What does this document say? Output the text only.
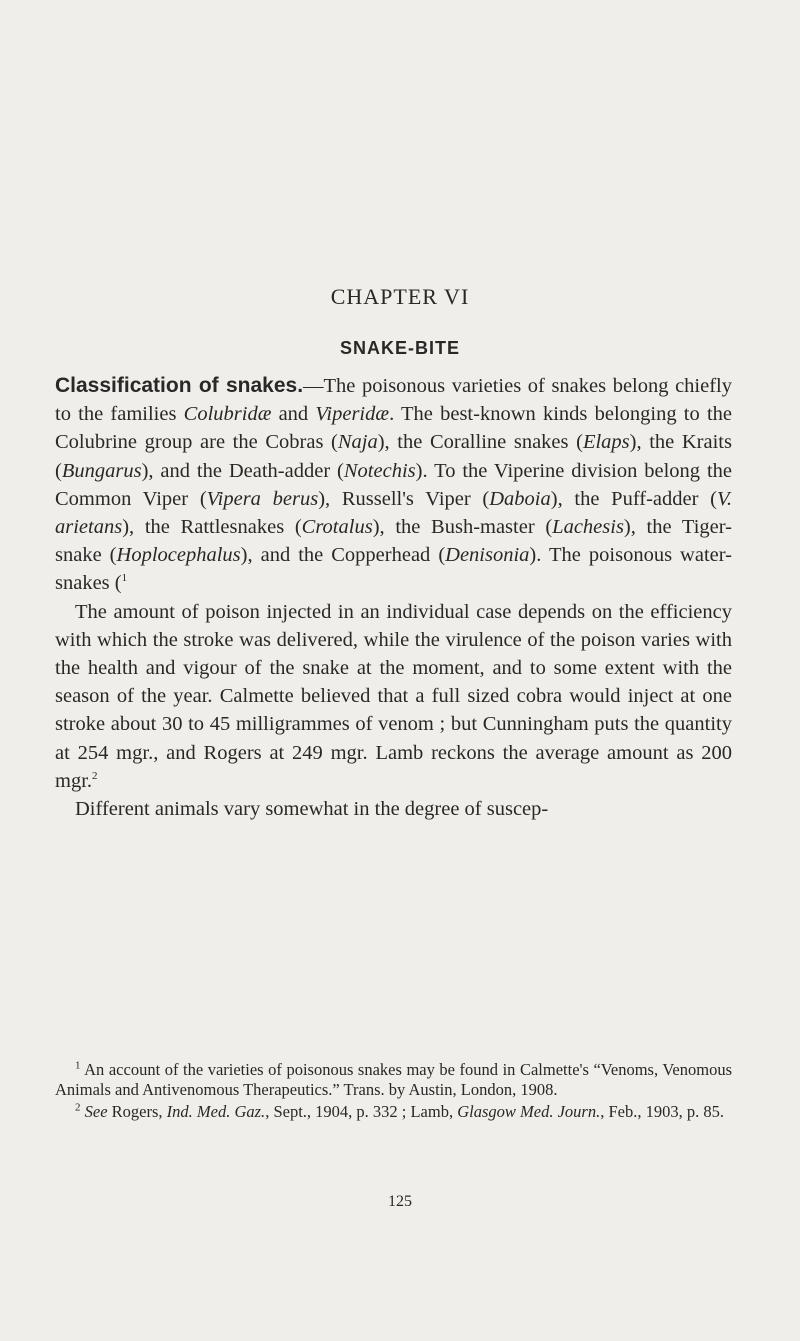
CHAPTER VI
SNAKE-BITE

Classification of snakes.—The poisonous varieties of snakes belong chiefly to the families Colubridæ and Viperidæ. The best-known kinds belonging to the Colubrine group are the Cobras (Naja), the Coralline snakes (Elaps), the Kraits (Bungarus), and the Death-adder (Notechis). To the Viperine division belong the Common Viper (Vipera berus), Russell's Viper (Daboia), the Puff-adder (V. arietans), the Rattlesnakes (Crotalus), the Bush-master (Lachesis), the Tiger-snake (Hoplocephalus), and the Copperhead (Denisonia). The poisonous water-snakes ($^1$

The amount of poison injected in an individual case depends on the efficiency with which the stroke was delivered, while the virulence of the poison varies with the health and vigour of the snake at the moment, and to some extent with the season of the year. Calmette believed that a full sized cobra would inject at one stroke about 30 to 45 milligrammes of venom ; but Cunningham puts the quantity at 254 mgr., and Rogers at 249 mgr. Lamb reckons the average amount as 200 mgr.$^2$

Different animals vary somewhat in the degree of suscep-

$^1$ An account of the varieties of poisonous snakes may be found in Calmette's “Venoms, Venomous Animals and Antivenomous Therapeutics.” Trans. by Austin, London, 1908.

$^2$ See Rogers, Ind. Med. Gaz., Sept., 1904, p. 332 ; Lamb, Glasgow Med. Journ., Feb., 1903, p. 85.

125
